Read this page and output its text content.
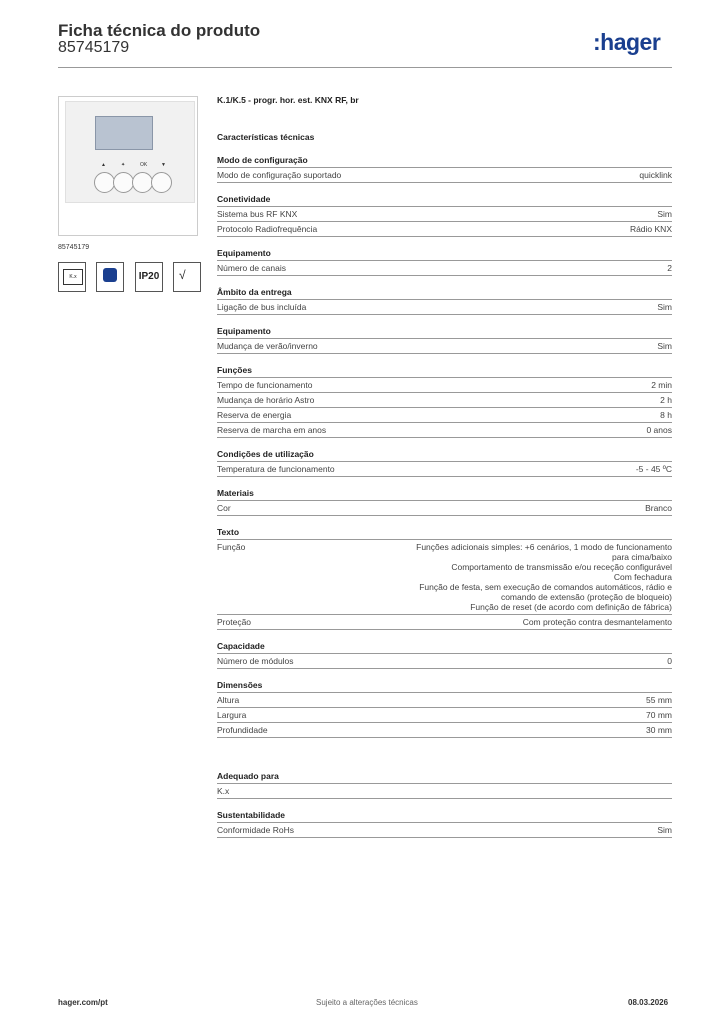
Ficha técnica do produto
85745179	:hager
▲	✦	OK	▼
85745179
K.x	IP20	√
K.1/K.5 - progr. hor. est. KNX RF, br
Características técnicas
Modo de configuração
Modo de configuração suportado	quicklink
Conetividade
Sistema bus RF KNX	Sim
Protocolo Radiofrequência	Rádio KNX
Equipamento
Número de canais	2
Âmbito da entrega
Ligação de bus incluída	Sim
Equipamento
Mudança de verão/inverno	Sim
Funções
Tempo de funcionamento	2 min
Mudança de horário Astro	2 h
Reserva de energia	8 h
Reserva de marcha em anos	0 anos
Condições de utilização
Temperatura de funcionamento	-5 - 45 ºC
Materiais
Cor	Branco
Texto
Função	Funções adicionais simples: +6 cenários, 1 modo de funcionamento
para cima/baixo
Comportamento de transmissão e/ou receção configurável
Com fechadura
Função de festa, sem execução de comandos automáticos, rádio e
comando de extensão (proteção de bloqueio)
Função de reset (de acordo com definição de fábrica)
Proteção	Com proteção contra desmantelamento
Capacidade
Número de módulos	0
Dimensões
Altura	55 mm
Largura	70 mm
Profundidade	30 mm
Adequado para
K.x
Sustentabilidade
Conformidade RoHs	Sim
hager.com/pt	Sujeito a alterações técnicas	08.03.2026
